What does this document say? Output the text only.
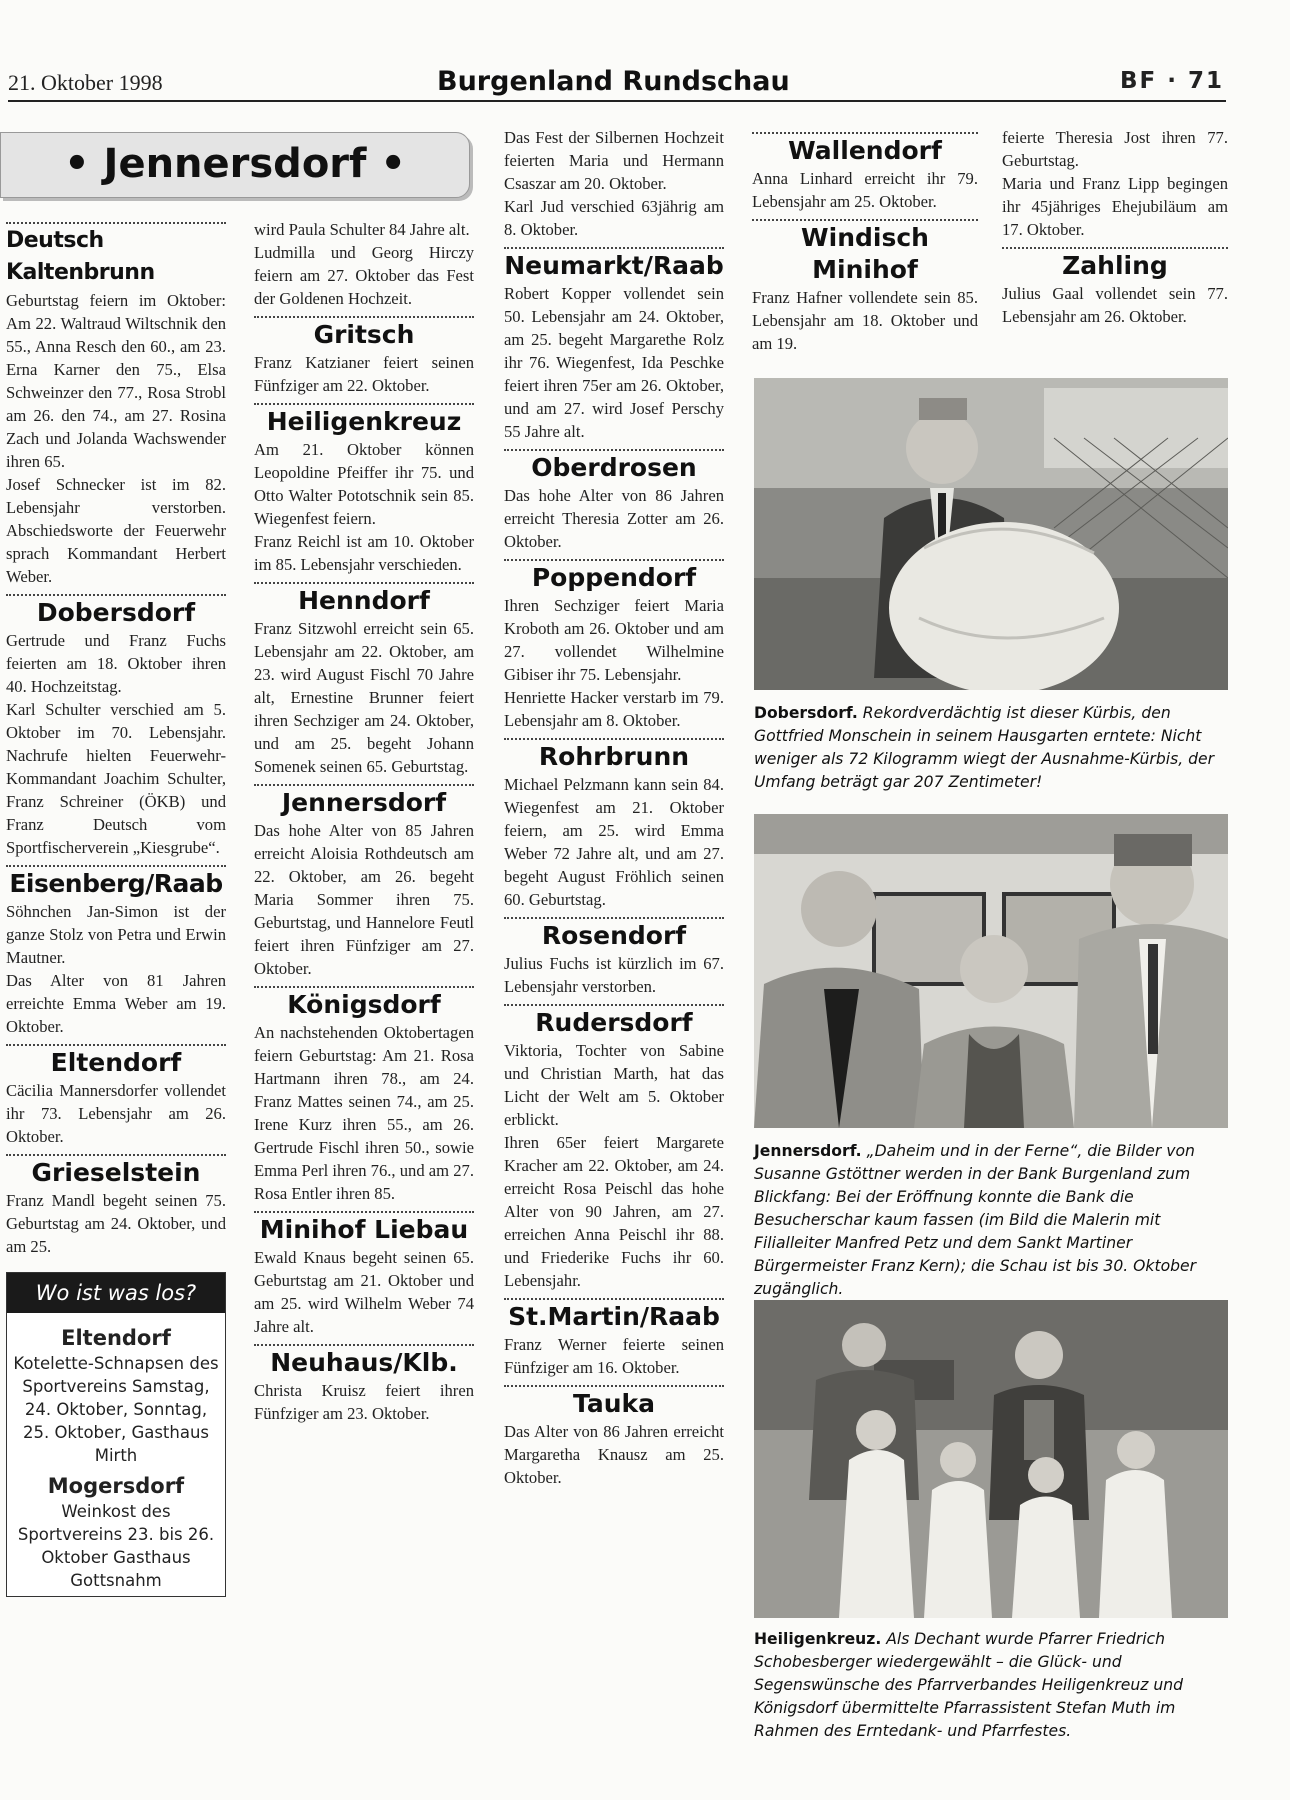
21. Oktober 1998	Burgenland Rundschau	BF · 71
• Jennersdorf •
Deutsch Kaltenbrunn

Geburtstag feiern im Oktober: Am 22. Waltraud Wiltschnik den 55., Anna Resch den 60., am 23. Erna Karner den 75., Elsa Schweinzer den 77., Rosa Strobl am 26. den 74., am 27. Rosina Zach und Jolanda Wachswender ihren 65.

Josef Schnecker ist im 82. Lebensjahr verstorben. Abschiedsworte der Feuerwehr sprach Kommandant Herbert Weber.

Dobersdorf

Gertrude und Franz Fuchs feierten am 18. Oktober ihren 40. Hochzeitstag.

Karl Schulter verschied am 5. Oktober im 70. Lebensjahr. Nachrufe hielten Feuerwehr-Kommandant Joachim Schulter, Franz Schreiner (ÖKB) und Franz Deutsch vom Sportfischerverein „Kiesgrube“.

Eisenberg/Raab

Söhnchen Jan-Simon ist der ganze Stolz von Petra und Erwin Mautner.

Das Alter von 81 Jahren erreichte Emma Weber am 19. Oktober.

Eltendorf

Cäcilia Mannersdorfer vollendet ihr 73. Lebensjahr am 26. Oktober.

Grieselstein

Franz Mandl begeht seinen 75. Geburtstag am 24. Oktober, und am 25.

Wo ist was los?
Eltendorf

Kotelette-Schnapsen des Sportvereins Samstag, 24. Oktober, Sonntag, 25. Oktober, Gasthaus Mirth

Mogersdorf

Weinkost des Sportvereins 23. bis 26. Oktober Gasthaus Gottsnahm

wird Paula Schulter 84 Jahre alt.

Ludmilla und Georg Hirczy feiern am 27. Oktober das Fest der Goldenen Hochzeit.

Gritsch

Franz Katzianer feiert seinen Fünfziger am 22. Oktober.

Heiligenkreuz

Am 21. Oktober können Leopoldine Pfeiffer ihr 75. und Otto Walter Pototschnik sein 85. Wiegenfest feiern.

Franz Reichl ist am 10. Oktober im 85. Lebensjahr verschieden.

Henndorf

Franz Sitzwohl erreicht sein 65. Lebensjahr am 22. Oktober, am 23. wird August Fischl 70 Jahre alt, Ernestine Brunner feiert ihren Sechziger am 24. Oktober, und am 25. begeht Johann Somenek seinen 65. Geburtstag.

Jennersdorf

Das hohe Alter von 85 Jahren erreicht Aloisia Rothdeutsch am 22. Oktober, am 26. begeht Maria Sommer ihren 75. Geburtstag, und Hannelore Feutl feiert ihren Fünfziger am 27. Oktober.

Königsdorf

An nachstehenden Oktobertagen feiern Geburtstag: Am 21. Rosa Hartmann ihren 78., am 24. Franz Mattes seinen 74., am 25. Irene Kurz ihren 55., am 26. Gertrude Fischl ihren 50., sowie Emma Perl ihren 76., und am 27. Rosa Entler ihren 85.

Minihof Liebau

Ewald Knaus begeht seinen 65. Geburtstag am 21. Oktober und am 25. wird Wilhelm Weber 74 Jahre alt.

Neuhaus/Klb.

Christa Kruisz feiert ihren Fünfziger am 23. Oktober.

Das Fest der Silbernen Hochzeit feierten Maria und Hermann Csaszar am 20. Oktober.

Karl Jud verschied 63jährig am 8. Oktober.

Neumarkt/Raab

Robert Kopper vollendet sein 50. Lebensjahr am 24. Oktober, am 25. begeht Margarethe Rolz ihr 76. Wiegenfest, Ida Peschke feiert ihren 75er am 26. Oktober, und am 27. wird Josef Perschy 55 Jahre alt.

Oberdrosen

Das hohe Alter von 86 Jahren erreicht Theresia Zotter am 26. Oktober.

Poppendorf

Ihren Sechziger feiert Maria Kroboth am 26. Oktober und am 27. vollendet Wilhelmine Gibiser ihr 75. Lebensjahr.

Henriette Hacker verstarb im 79. Lebensjahr am 8. Oktober.

Rohrbrunn

Michael Pelzmann kann sein 84. Wiegenfest am 21. Oktober feiern, am 25. wird Emma Weber 72 Jahre alt, und am 27. begeht August Fröhlich seinen 60. Geburtstag.

Rosendorf

Julius Fuchs ist kürzlich im 67. Lebensjahr verstorben.

Rudersdorf

Viktoria, Tochter von Sabine und Christian Marth, hat das Licht der Welt am 5. Oktober erblickt.

Ihren 65er feiert Margarete Kracher am 22. Oktober, am 24. erreicht Rosa Peischl das hohe Alter von 90 Jahren, am 27. erreichen Anna Peischl ihr 88. und Friederike Fuchs ihr 60. Lebensjahr.

St.Martin/Raab

Franz Werner feierte seinen Fünfziger am 16. Oktober.

Tauka

Das Alter von 86 Jahren erreicht Margaretha Knausz am 25. Oktober.

Wallendorf

Anna Linhard erreicht ihr 79. Lebensjahr am 25. Oktober.

Windisch Minihof

Franz Hafner vollendete sein 85. Lebensjahr am 18. Oktober und am 19.

feierte Theresia Jost ihren 77. Geburtstag.

Maria und Franz Lipp begingen ihr 45jähriges Ehejubiläum am 17. Oktober.

Zahling

Julius Gaal vollendet sein 77. Lebensjahr am 26. Oktober.

Dobersdorf. Rekordverdächtig ist dieser Kürbis, den Gottfried Monschein in seinem Hausgarten erntete: Nicht weniger als 72 Kilogramm wiegt der Ausnahme-Kürbis, der Umfang beträgt gar 207 Zentimeter!
Jennersdorf. „Daheim und in der Ferne“, die Bilder von Susanne Gstöttner werden in der Bank Burgenland zum Blickfang: Bei der Eröffnung konnte die Bank die Besucherschar kaum fassen (im Bild die Malerin mit Filialleiter Manfred Petz und dem Sankt Martiner Bürgermeister Franz Kern); die Schau ist bis 30. Oktober zugänglich.
Heiligenkreuz. Als Dechant wurde Pfarrer Friedrich Schobesberger wiedergewählt – die Glück- und Segenswünsche des Pfarrverbandes Heiligenkreuz und Königsdorf übermittelte Pfarrassistent Stefan Muth im Rahmen des Erntedank- und Pfarrfestes.
